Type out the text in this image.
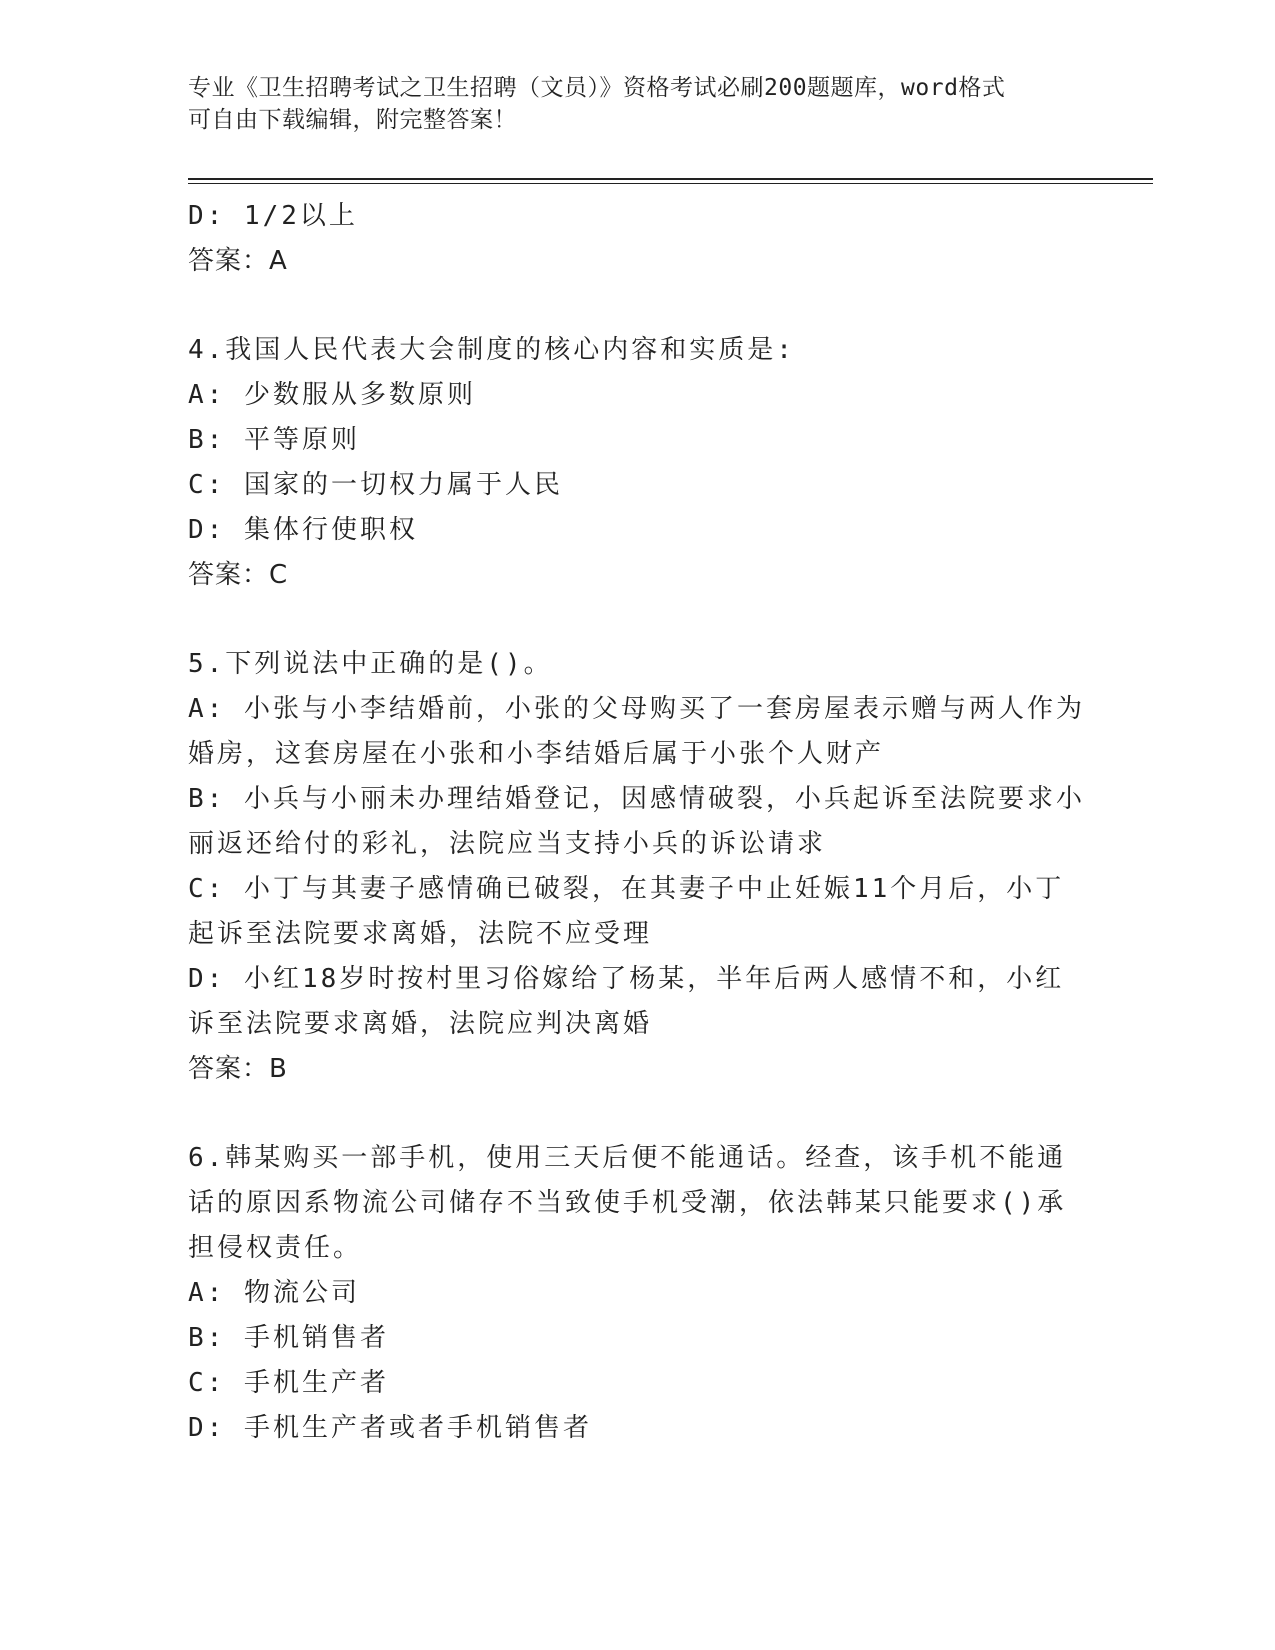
专业《卫生招聘考试之卫生招聘（文员）》资格考试必刷200题题库，word格式
可自由下载编辑，附完整答案！
D: 1/2以上
答案：A
4.我国人民代表大会制度的核心内容和实质是:
A: 少数服从多数原则
B: 平等原则
C: 国家的一切权力属于人民
D: 集体行使职权
答案：C
5.下列说法中正确的是()。
A: 小张与小李结婚前，小张的父母购买了一套房屋表示赠与两人作为
婚房，这套房屋在小张和小李结婚后属于小张个人财产
B: 小兵与小丽未办理结婚登记，因感情破裂，小兵起诉至法院要求小
丽返还给付的彩礼，法院应当支持小兵的诉讼请求
C: 小丁与其妻子感情确已破裂，在其妻子中止妊娠11个月后，小丁
起诉至法院要求离婚，法院不应受理
D: 小红18岁时按村里习俗嫁给了杨某，半年后两人感情不和，小红
诉至法院要求离婚，法院应判决离婚
答案：B
6.韩某购买一部手机，使用三天后便不能通话。经查，该手机不能通
话的原因系物流公司储存不当致使手机受潮，依法韩某只能要求()承
担侵权责任。
A: 物流公司
B: 手机销售者
C: 手机生产者
D: 手机生产者或者手机销售者
